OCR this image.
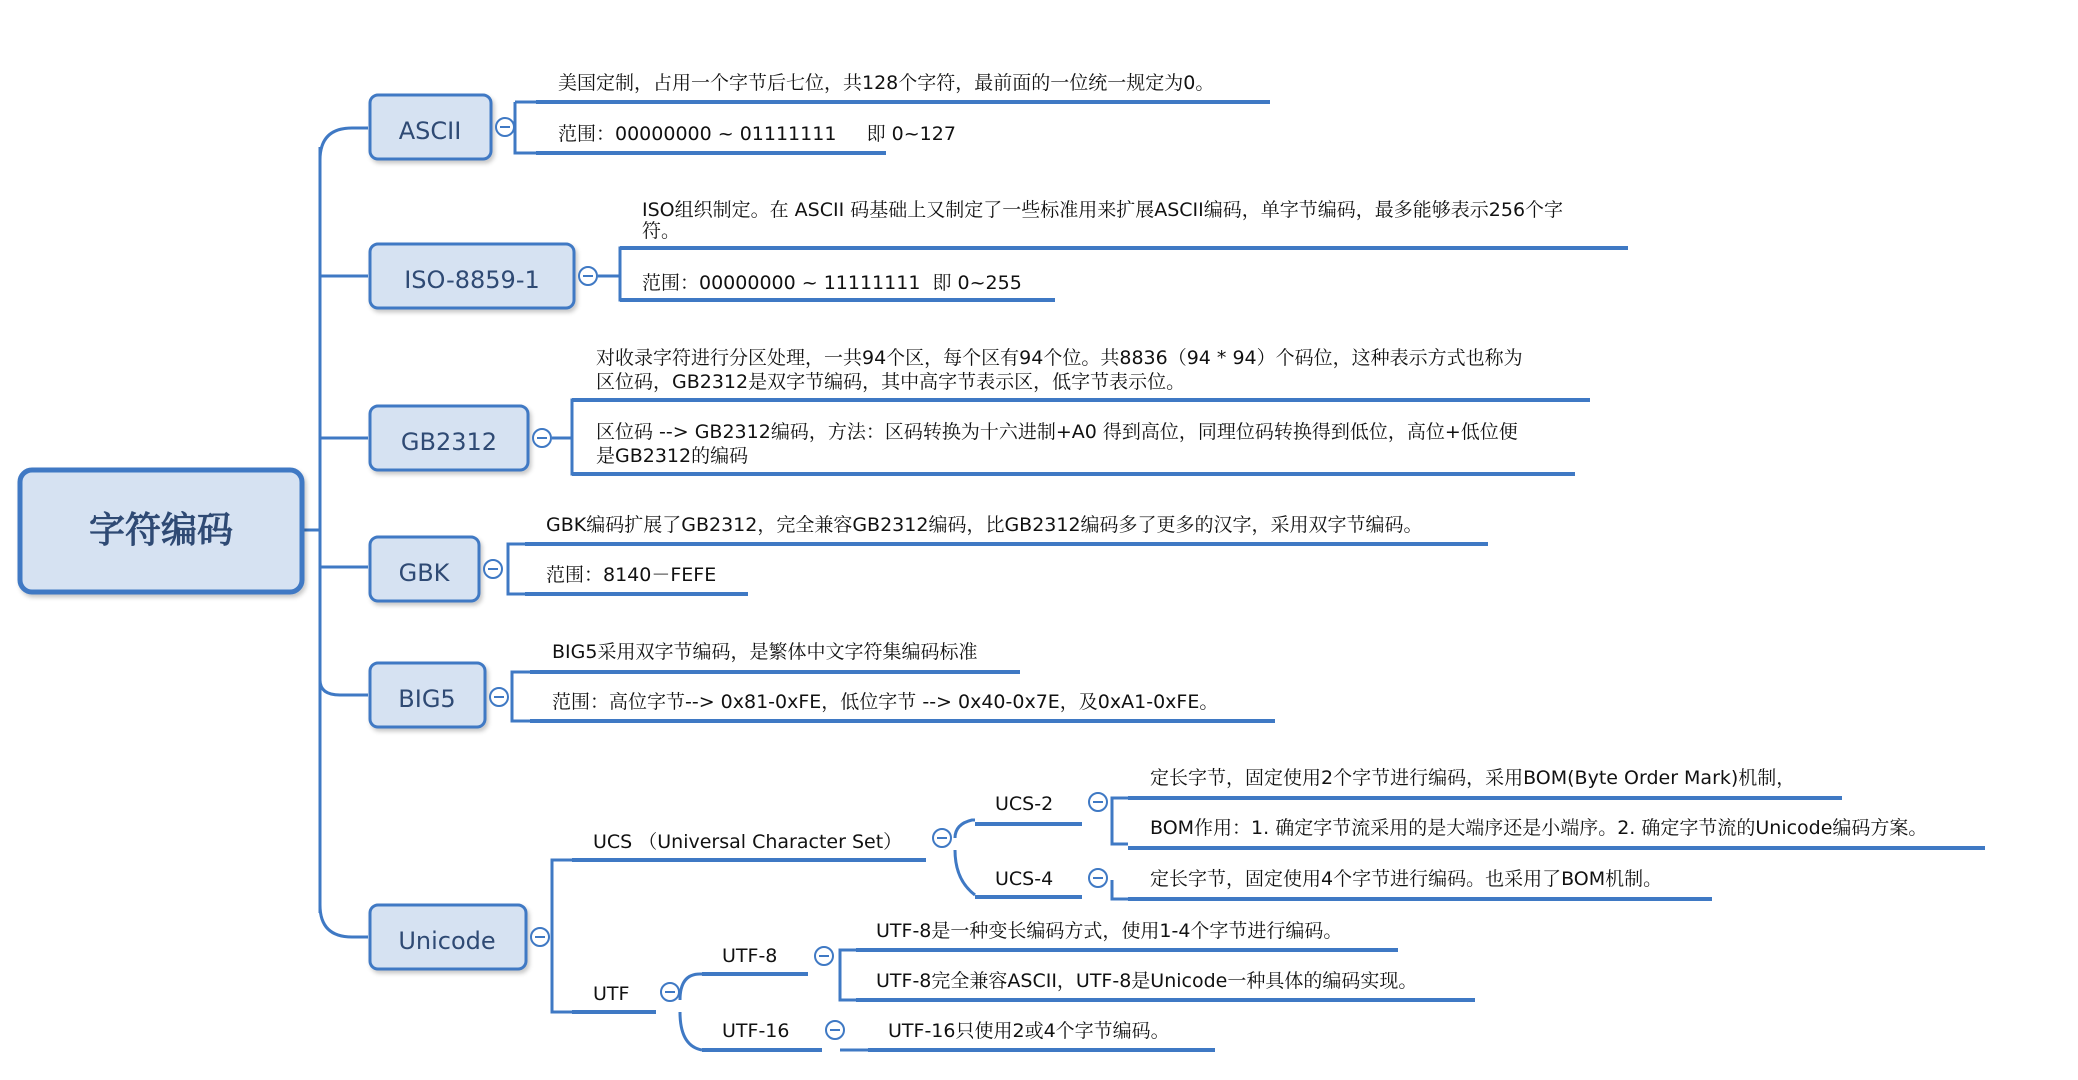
字符编码
ASCII
美国定制，占用一个字节后七位，共128个字符，最前面的一位统一规定为0。
范围：00000000 ~ 01111111     即 0~127
ISO-8859-1
ISO组织制定。在 ASCII 码基础上又制定了一些标准用来扩展ASCII编码，单字节编码，最多能够表示256个字
符。
范围：00000000 ~ 11111111  即 0~255
GB2312
对收录字符进行分区处理，一共94个区，每个区有94个位。共8836（94 * 94）个码位，这种表示方式也称为
区位码，GB2312是双字节编码，其中高字节表示区，低字节表示位。
区位码 --> GB2312编码，方法：区码转换为十六进制+A0 得到高位，同理位码转换得到低位，高位+低位便
是GB2312的编码
GBK
GBK编码扩展了GB2312，完全兼容GB2312编码，比GB2312编码多了更多的汉字，采用双字节编码。
范围：8140－FEFE
BIG5
BIG5采用双字节编码，是繁体中文字符集编码标准
范围：高位字节--> 0x81-0xFE，低位字节 --> 0x40-0x7E，及0xA1-0xFE。
Unicode
UCS （Universal Character Set）
UCS-2
定长字节，固定使用2个字节进行编码，采用BOM(Byte Order Mark)机制，
BOM作用：1. 确定字节流采用的是大端序还是小端序。2. 确定字节流的Unicode编码方案。
UCS-4	定长字节，固定使用4个字节进行编码。也采用了BOM机制。
UTF
UTF-8
UTF-8是一种变长编码方式，使用1-4个字节进行编码。
UTF-8完全兼容ASCII，UTF-8是Unicode一种具体的编码实现。
UTF-16	UTF-16只使用2或4个字节编码。
